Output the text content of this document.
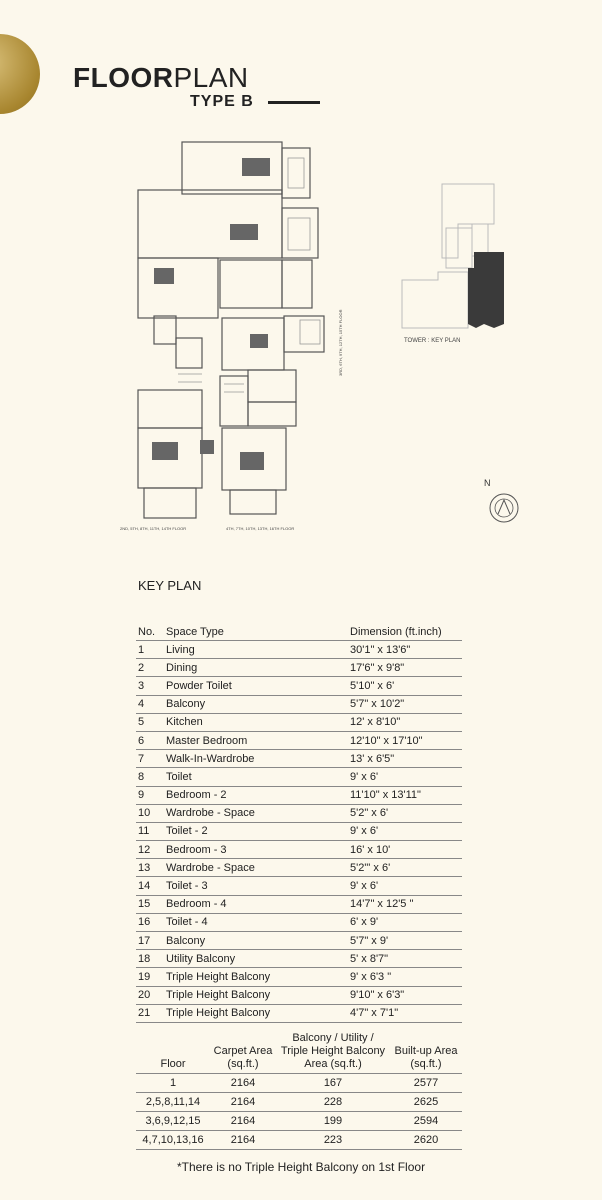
FLOORPLAN
TYPE B
2ND, 5TH, 8TH, 11TH, 14TH FLOOR	4TH, 7TH, 10TH, 13TH, 16TH FLOOR
3RD, 6TH, 9TH, 12TH, 15TH FLOOR	TOWER : KEY PLAN
N
KEY PLAN
No.	Space Type	Dimension (ft.inch)
1	Living	30'1" x 13'6"
2	Dining	17'6" x 9'8"
3	Powder Toilet	5'10" x 6'
4	Balcony	5'7" x 10'2"
5	Kitchen	12' x 8'10"
6	Master Bedroom	12'10" x 17'10"
7	Walk-In-Wardrobe	13' x 6'5"
8	Toilet	9' x 6'
9	Bedroom - 2	11'10" x 13'11"
10	Wardrobe - Space	5'2" x 6'
11	Toilet - 2	9' x 6'
12	Bedroom - 3	16' x 10'
13	Wardrobe - Space	5'2"' x 6'
14	Toilet - 3	9' x 6'
15	Bedroom - 4	14'7" x 12'5 "
16	Toilet - 4	6' x 9'
17	Balcony	5'7" x 9'
18	Utility Balcony	5' x 8'7"
19	Triple Height Balcony	9' x 6'3 "
20	Triple Height Balcony	9'10" x 6'3"
21	Triple Height Balcony	4'7" x 7'1"
Floor	Carpet Area (sq.ft.)	Balcony / Utility / Triple Height Balcony Area (sq.ft.)	Built-up Area (sq.ft.)
1	2164	167	2577
2,5,8,11,14	2164	228	2625
3,6,9,12,15	2164	199	2594
4,7,10,13,16	2164	223	2620
*There is no Triple Height Balcony on 1st Floor
